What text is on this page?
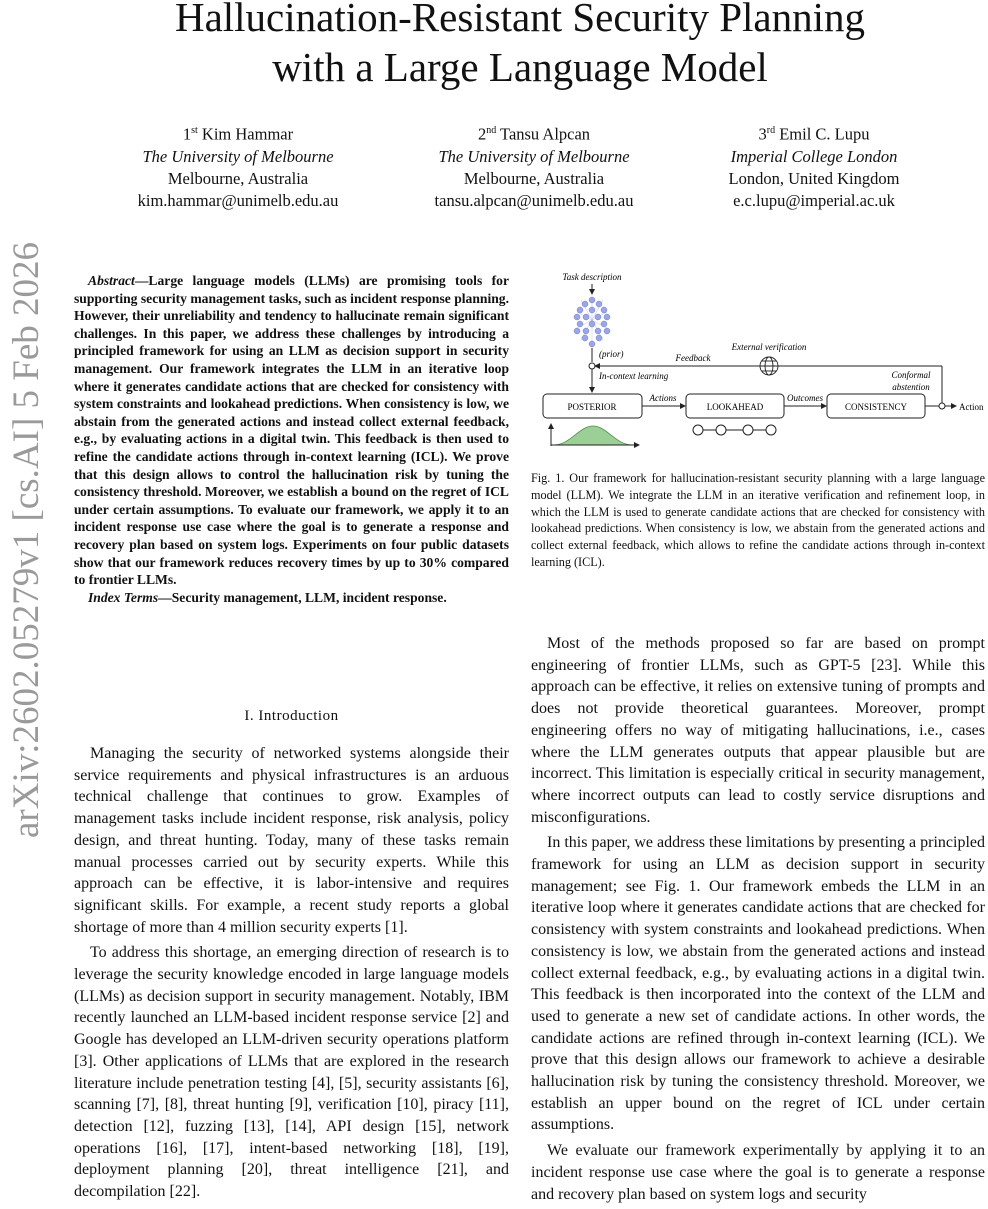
arXiv:2602.05279v1 [cs.AI] 5 Feb 2026
Hallucination-Resistant Security Planning
with a Large Language Model
1st Kim Hammar
The University of Melbourne
Melbourne, Australia
kim.hammar@unimelb.edu.au
2nd Tansu Alpcan
The University of Melbourne
Melbourne, Australia
tansu.alpcan@unimelb.edu.au
3rd Emil C. Lupu
Imperial College London
London, United Kingdom
e.c.lupu@imperial.ac.uk

Abstract—Large language models (LLMs) are promising tools for supporting security management tasks, such as incident response planning. However, their unreliability and tendency to hallucinate remain significant challenges. In this paper, we address these challenges by introducing a principled framework for using an LLM as decision support in security management. Our framework integrates the LLM in an iterative loop where it generates candidate actions that are checked for consistency with system constraints and lookahead predictions. When consistency is low, we abstain from the generated actions and instead collect external feedback, e.g., by evaluating actions in a digital twin. This feedback is then used to refine the candidate actions through in-context learning (ICL). We prove that this design allows to control the hallucination risk by tuning the consistency threshold. Moreover, we establish a bound on the regret of ICL under certain assumptions. To evaluate our framework, we apply it to an incident response use case where the goal is to generate a response and recovery plan based on system logs. Experiments on four public datasets show that our framework reduces recovery times by up to 30% compared to frontier LLMs.

Index Terms—Security management, LLM, incident response.

I. Introduction

Managing the security of networked systems alongside their service requirements and physical infrastructures is an arduous technical challenge that continues to grow. Examples of management tasks include incident response, risk analysis, policy design, and threat hunting. Today, many of these tasks remain manual processes carried out by security experts. While this approach can be effective, it is labor-intensive and requires significant skills. For example, a recent study reports a global shortage of more than 4 million security experts [1].

To address this shortage, an emerging direction of research is to leverage the security knowledge encoded in large language models (LLMs) as decision support in security management. Notably, IBM recently launched an LLM-based incident response service [2] and Google has developed an LLM-driven security operations platform [3]. Other applications of LLMs that are explored in the research literature include penetration testing [4], [5], security assistants [6], scanning [7], [8], threat hunting [9], verification [10], piracy [11], detection [12], fuzzing [13], [14], API design [15], network operations [16], [17], intent-based networking [18], [19], deployment planning [20], threat intelligence [21], and decompilation [22].

Task description
(prior)
In-context learning
Feedback
External verification
Conformal
abstention
POSTERIOR
Actions
LOOKAHEAD
Outcomes
CONSISTENCY	Action
Fig. 1. Our framework for hallucination-resistant security planning with a large language model (LLM). We integrate the LLM in an iterative verification and refinement loop, in which the LLM is used to generate candidate actions that are checked for consistency with lookahead predictions. When consistency is low, we abstain from the generated actions and collect external feedback, which allows to refine the candidate actions through in-context learning (ICL).

Most of the methods proposed so far are based on prompt engineering of frontier LLMs, such as GPT-5 [23]. While this approach can be effective, it relies on extensive tuning of prompts and does not provide theoretical guarantees. Moreover, prompt engineering offers no way of mitigating hallucinations, i.e., cases where the LLM generates outputs that appear plausible but are incorrect. This limitation is especially critical in security management, where incorrect outputs can lead to costly service disruptions and misconfigurations.

In this paper, we address these limitations by presenting a principled framework for using an LLM as decision support in security management; see Fig. 1. Our framework embeds the LLM in an iterative loop where it generates candidate actions that are checked for consistency with system constraints and lookahead predictions. When consistency is low, we abstain from the generated actions and instead collect external feedback, e.g., by evaluating actions in a digital twin. This feedback is then incorporated into the context of the LLM and used to generate a new set of candidate actions. In other words, the candidate actions are refined through in-context learning (ICL). We prove that this design allows our framework to achieve a desirable hallucination risk by tuning the consistency threshold. Moreover, we establish an upper bound on the regret of ICL under certain assumptions.

We evaluate our framework experimentally by applying it to an incident response use case where the goal is to generate a response and recovery plan based on system logs and security
